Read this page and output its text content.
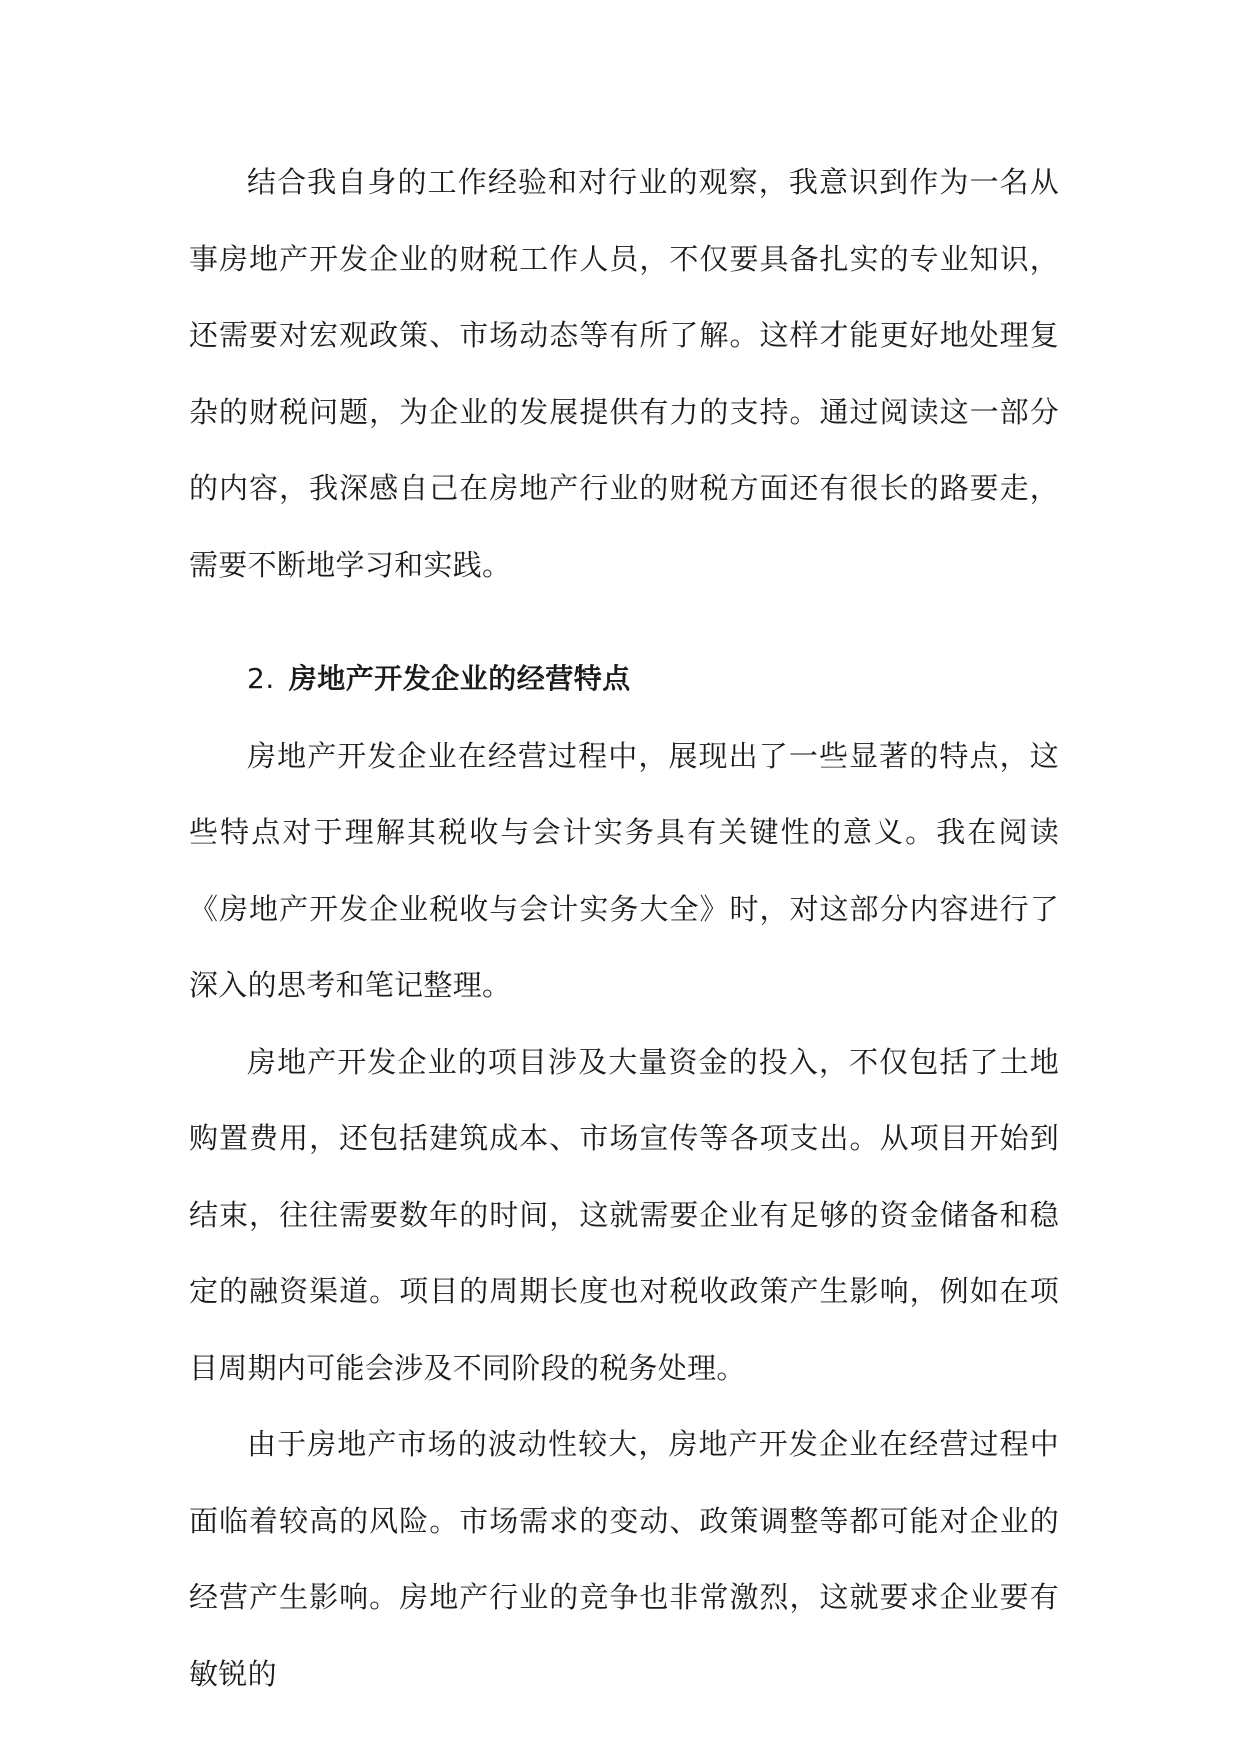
结合我自身的工作经验和对行业的观察，我意识到作为一名从事房地产开发企业的财税工作人员，不仅要具备扎实的专业知识，还需要对宏观政策、市场动态等有所了解。这样才能更好地处理复杂的财税问题，为企业的发展提供有力的支持。通过阅读这一部分的内容，我深感自己在房地产行业的财税方面还有很长的路要走，需要不断地学习和实践。

2. 房地产开发企业的经营特点

房地产开发企业在经营过程中，展现出了一些显著的特点，这些特点对于理解其税收与会计实务具有关键性的意义。我在阅读《房地产开发企业税收与会计实务大全》时，对这部分内容进行了深入的思考和笔记整理。

房地产开发企业的项目涉及大量资金的投入，不仅包括了土地购置费用，还包括建筑成本、市场宣传等各项支出。从项目开始到结束，往往需要数年的时间，这就需要企业有足够的资金储备和稳定的融资渠道。项目的周期长度也对税收政策产生影响，例如在项目周期内可能会涉及不同阶段的税务处理。

由于房地产市场的波动性较大，房地产开发企业在经营过程中面临着较高的风险。市场需求的变动、政策调整等都可能对企业的经营产生影响。房地产行业的竞争也非常激烈，这就要求企业要有敏锐的
